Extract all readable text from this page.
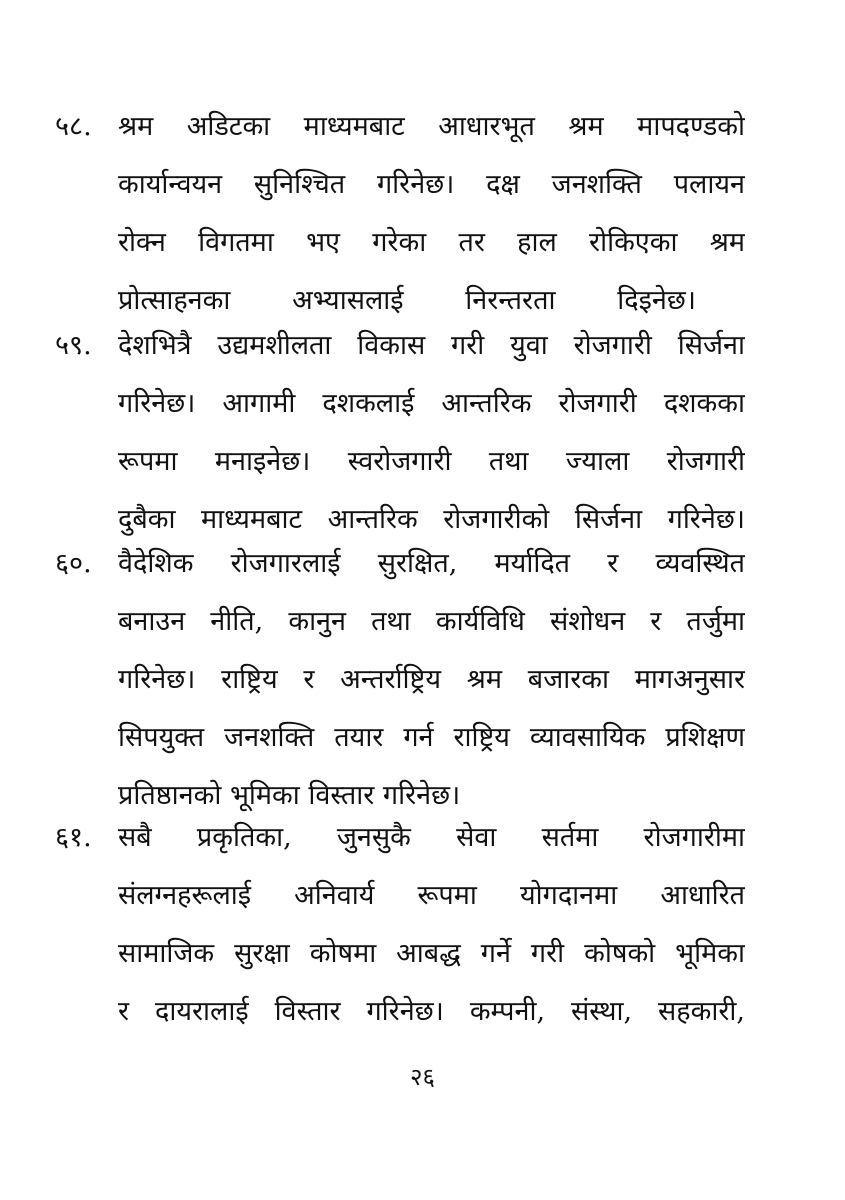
५८. श्रम अडिटका माध्यमबाट आधारभूत श्रम मापदण्डको
कार्यान्वयन सुनिश्चित गरिनेछ। दक्ष जनशक्ति पलायन
रोक्न विगतमा भए गरेका तर हाल रोकिएका श्रम
प्रोत्साहनका अभ्यासलाई निरन्तरता दिइनेछ।
५९. देशभित्रै उद्यमशीलता विकास गरी युवा रोजगारी सिर्जना
गरिनेछ। आगामी दशकलाई आन्तरिक रोजगारी दशकका
रूपमा मनाइनेछ। स्वरोजगारी तथा ज्याला रोजगारी
दुबैका माध्यमबाट आन्तरिक रोजगारीको सिर्जना गरिनेछ।
६०. वैदेशिक रोजगारलाई सुरक्षित, मर्यादित र व्यवस्थित
बनाउन नीति, कानुन तथा कार्यविधि संशोधन र तर्जुमा
गरिनेछ। राष्ट्रिय र अन्तर्राष्ट्रिय श्रम बजारका मागअनुसार
सिपयुक्त जनशक्ति तयार गर्न राष्ट्रिय व्यावसायिक प्रशिक्षण
प्रतिष्ठानको भूमिका विस्तार गरिनेछ।
६१. सबै प्रकृतिका, जुनसुकै सेवा सर्तमा रोजगारीमा
संलग्नहरूलाई अनिवार्य रूपमा योगदानमा आधारित
सामाजिक सुरक्षा कोषमा आबद्ध गर्ने गरी कोषको भूमिका
र दायरालाई विस्तार गरिनेछ। कम्पनी, संस्था, सहकारी,
२६
